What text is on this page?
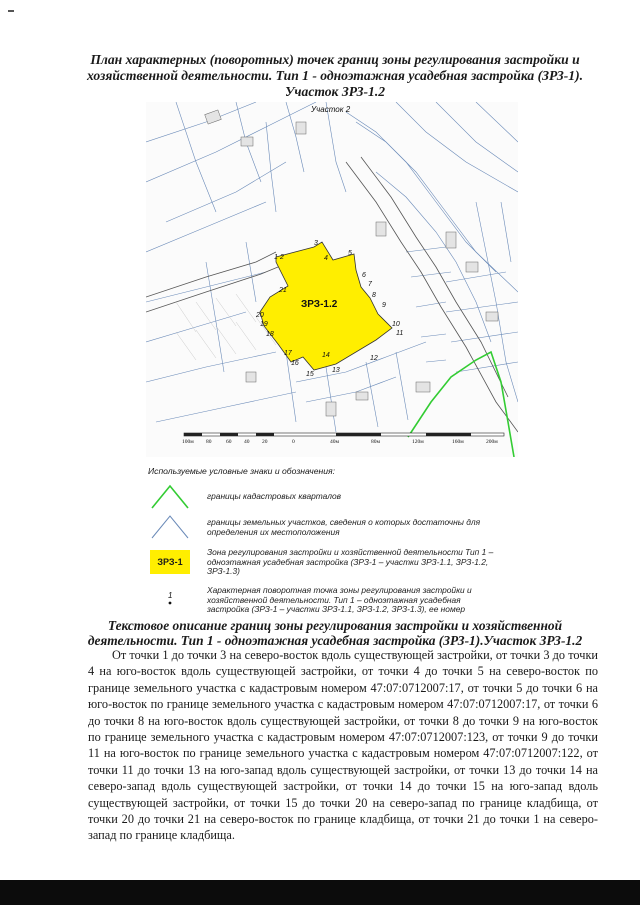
План характерных (поворотных) точек границ зоны регулирования застройки и хозяйственной деятельности. Тип 1 - одноэтажная усадебная застройка (ЗРЗ-1). Участок ЗРЗ-1.2
ЗРЗ-1.2
1 2
3
4
5
6
7
8
9
10
11
12
13
14
15
16
17
18
19
20
21
Участок 2
100м 80	60 40 20	0	40м	80м	120м	160м	200м
Используемые условные знаки и обозначения:
границы кадастровых кварталов
границы земельных участков, сведения о которых достаточны для определения их местоположения
ЗРЗ-1
Зона регулирования застройки и хозяйственной деятельности Тип 1 – одноэтажная усадебная застройка (ЗРЗ-1 – участки ЗРЗ-1.1, ЗРЗ-1.2, ЗРЗ-1.3)
1
Характерная поворотная точка зоны регулирования застройки и хозяйственной деятельности. Тип 1 – одноэтажная усадебная застройка (ЗРЗ-1 – участки ЗРЗ-1.1, ЗРЗ-1.2, ЗРЗ-1.3), ее номер
Текстовое описание границ зоны регулирования застройки и хозяйственной деятельности. Тип 1 - одноэтажная усадебная застройка (ЗРЗ-1).Участок ЗРЗ-1.2
От точки 1 до точки 3 на северо-восток вдоль существующей застройки, от точки 3 до точки 4 на юго-восток вдоль существующей застройки, от точки 4 до точки 5 на северо-восток по границе земельного участка с кадастровым номером 47:07:0712007:17, от точки 5 до точки 6 на юго-восток по границе земельного участка с кадастровым номером 47:07:0712007:17, от точки 6 до точки 8 на юго-восток вдоль существующей застройки, от точки 8 до точки 9 на юго-восток по границе земельного участка с кадастровым номером 47:07:0712007:123, от точки 9 до точки 11 на юго-восток по границе земельного участка с кадастровым номером 47:07:0712007:122, от точки 11 до точки 13 на юго-запад вдоль существующей застройки, от точки 13 до точки 14 на северо-запад вдоль существующей застройки, от точки 14 до точки 15 на юго-запад вдоль существующей застройки, от точки 15 до точки 20 на северо-запад по границе кладбища, от точки 20 до точки 21 на северо-восток по границе кладбища, от точки 21 до точки 1 на северо-запад по границе кладбища.
